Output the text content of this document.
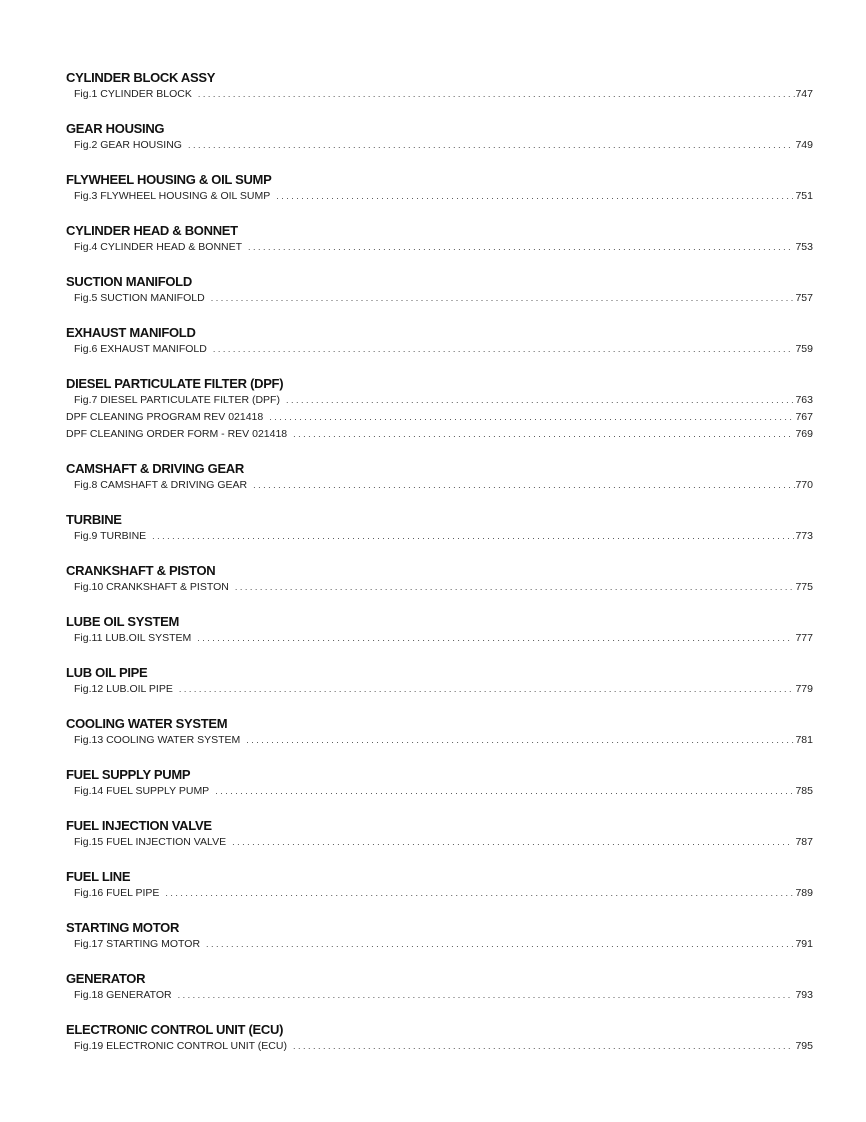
CYLINDER BLOCK ASSY
Fig.1 CYLINDER BLOCK . . .	747
GEAR HOUSING
Fig.2 GEAR HOUSING . . .	749
FLYWHEEL HOUSING & OIL SUMP
Fig.3 FLYWHEEL HOUSING & OIL SUMP . . .	751
CYLINDER HEAD & BONNET
Fig.4 CYLINDER HEAD & BONNET . . .	753
SUCTION MANIFOLD
Fig.5 SUCTION MANIFOLD . . .	757
EXHAUST MANIFOLD
Fig.6 EXHAUST MANIFOLD . . .	759
DIESEL PARTICULATE FILTER (DPF)
Fig.7 DIESEL PARTICULATE FILTER (DPF) . . .	763
DPF CLEANING PROGRAM REV 021418 . . .	767
DPF CLEANING ORDER FORM - REV 021418 . . .	769
CAMSHAFT & DRIVING GEAR
Fig.8 CAMSHAFT & DRIVING GEAR . . .	770
TURBINE
Fig.9 TURBINE . . .	773
CRANKSHAFT & PISTON
Fig.10 CRANKSHAFT & PISTON . . .	775
LUBE OIL SYSTEM
Fig.11 LUB.OIL SYSTEM . . .	777
LUB OIL PIPE
Fig.12 LUB.OIL PIPE . . .	779
COOLING WATER SYSTEM
Fig.13 COOLING WATER SYSTEM . . .	781
FUEL SUPPLY PUMP
Fig.14 FUEL SUPPLY PUMP . . .	785
FUEL INJECTION VALVE
Fig.15 FUEL INJECTION VALVE . . .	787
FUEL LINE
Fig.16 FUEL PIPE . . .	789
STARTING MOTOR
Fig.17 STARTING MOTOR . . .	791
GENERATOR
Fig.18 GENERATOR . . .	793
ELECTRONIC CONTROL UNIT (ECU)
Fig.19 ELECTRONIC CONTROL UNIT (ECU) . . .	795
